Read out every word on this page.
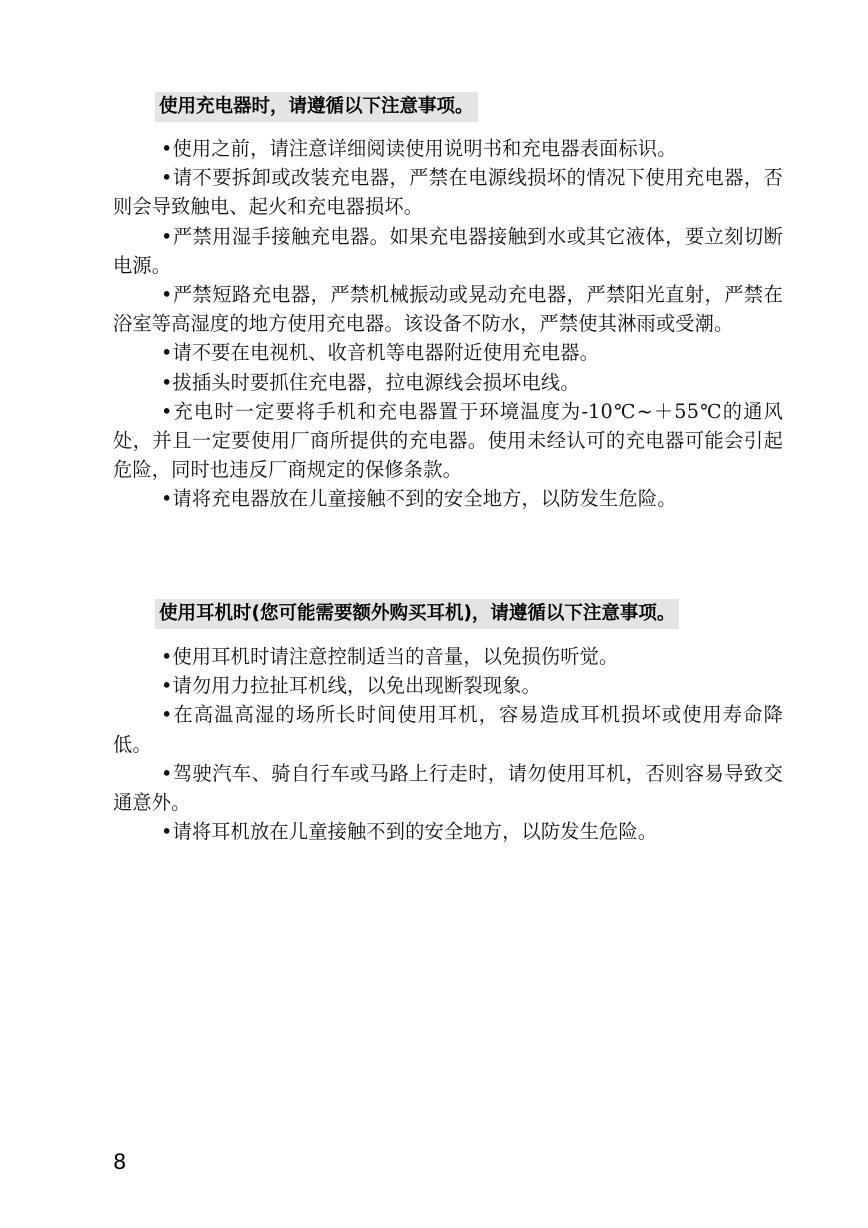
使用充电器时，请遵循以下注意事项。

•使用之前，请注意详细阅读使用说明书和充电器表面标识。

•请不要拆卸或改装充电器，严禁在电源线损坏的情况下使用充电器，否则会导致触电、起火和充电器损坏。

•严禁用湿手接触充电器。如果充电器接触到水或其它液体，要立刻切断电源。

•严禁短路充电器，严禁机械振动或晃动充电器，严禁阳光直射，严禁在浴室等高湿度的地方使用充电器。该设备不防水，严禁使其淋雨或受潮。

•请不要在电视机、收音机等电器附近使用充电器。

•拔插头时要抓住充电器，拉电源线会损坏电线。

•充电时一定要将手机和充电器置于环境温度为-10℃~＋55℃的通风处，并且一定要使用厂商所提供的充电器。使用未经认可的充电器可能会引起危险，同时也违反厂商规定的保修条款。

•请将充电器放在儿童接触不到的安全地方，以防发生危险。

使用耳机时(您可能需要额外购买耳机)，请遵循以下注意事项。

•使用耳机时请注意控制适当的音量，以免损伤听觉。

•请勿用力拉扯耳机线，以免出现断裂现象。

•在高温高湿的场所长时间使用耳机，容易造成耳机损坏或使用寿命降低。

•驾驶汽车、骑自行车或马路上行走时，请勿使用耳机，否则容易导致交通意外。

•请将耳机放在儿童接触不到的安全地方，以防发生危险。

8
